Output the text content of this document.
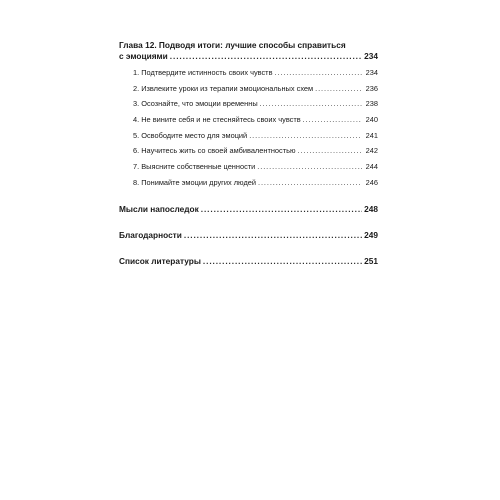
Глава 12. Подводя итоги: лучшие способы справиться
с эмоциями .....	234
1. Подтвердите истинность своих чувств .....	234
2. Извлеките уроки из терапии эмоциональных схем .....	236
3. Осознайте, что эмоции временны .....	238
4. Не вините себя и не стесняйтесь своих чувств .....	240
5. Освободите место для эмоций .....	241
6. Научитесь жить со своей амбивалентностью .....	242
7. Выясните собственные ценности .....	244
8. Понимайте эмоции других людей .....	246
Мысли напоследок .....	248
Благодарности .....	249
Список литературы .....	251
